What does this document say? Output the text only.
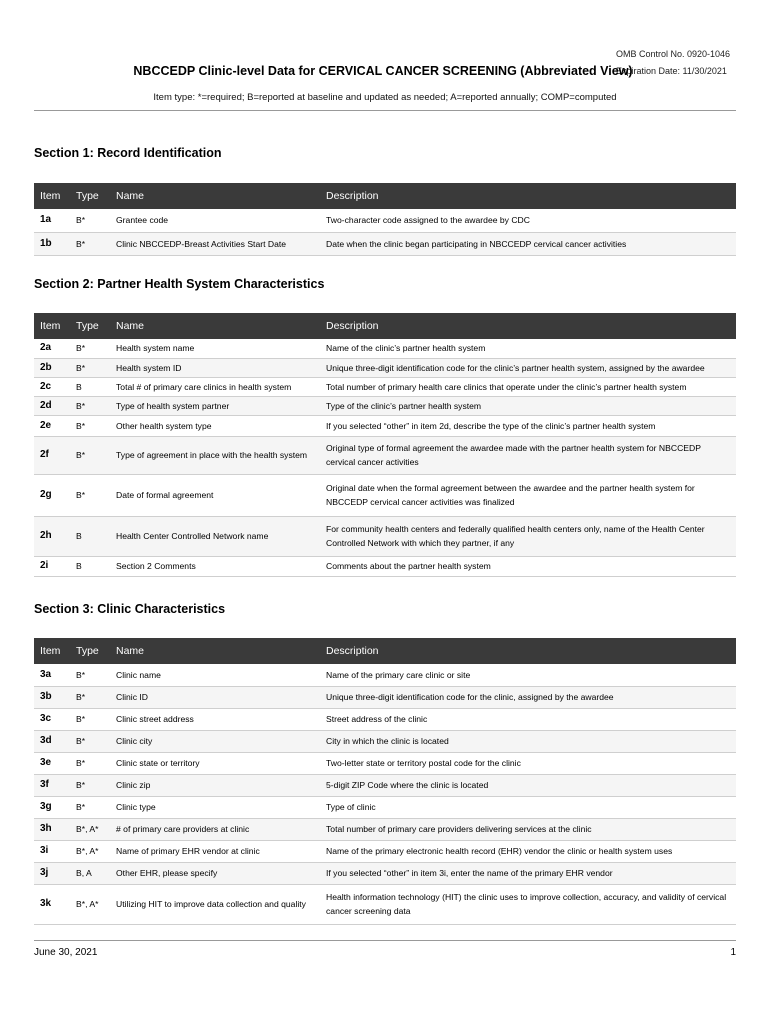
OMB Control No. 0920-1046
Expiration Date: 11/30/2021
NBCCEDP Clinic-level Data for CERVICAL CANCER SCREENING (Abbreviated View)
Item type: *=required; B=reported at baseline and updated as needed; A=reported annually; COMP=computed
Section 1: Record Identification
Item	Type	Name	Description
1a	B*	Grantee code	Two-character code assigned to the awardee by CDC
1b	B*	Clinic NBCCEDP-Breast Activities Start Date	Date when the clinic began participating in NBCCEDP cervical cancer activities
Section 2: Partner Health System Characteristics
Item	Type	Name	Description
2a	B*	Health system name	Name of the clinic’s partner health system
2b	B*	Health system ID	Unique three-digit identification code for the clinic’s partner health system, assigned by the awardee
2c	B	Total # of primary care clinics in health system	Total number of primary health care clinics that operate under the clinic’s partner health system
2d	B*	Type of health system partner	Type of the clinic’s partner health system
2e	B*	Other health system type	If you selected “other” in item 2d, describe the type of the clinic’s partner health system
2f	B*	Type of agreement in place with the health system	Original type of formal agreement the awardee made with the partner health system for NBCCEDP cervical cancer activities
2g	B*	Date of formal agreement	Original date when the formal agreement between the awardee and the partner health system for NBCCEDP cervical cancer activities was finalized
2h	B	Health Center Controlled Network name	For community health centers and federally qualified health centers only, name of the Health Center Controlled Network with which they partner, if any
2i	B	Section 2 Comments	Comments about the partner health system
Section 3: Clinic Characteristics
Item	Type	Name	Description
3a	B*	Clinic name	Name of the primary care clinic or site
3b	B*	Clinic ID	Unique three-digit identification code for the clinic, assigned by the awardee
3c	B*	Clinic street address	Street address of the clinic
3d	B*	Clinic city	City in which the clinic is located
3e	B*	Clinic state or territory	Two-letter state or territory postal code for the clinic
3f	B*	Clinic zip	5-digit ZIP Code where the clinic is located
3g	B*	Clinic type	Type of clinic
3h	B*, A*	# of primary care providers at clinic	Total number of primary care providers delivering services at the clinic
3i	B*, A*	Name of primary EHR vendor at clinic	Name of the primary electronic health record (EHR) vendor the clinic or health system uses
3j	B, A	Other EHR, please specify	If you selected “other” in item 3i, enter the name of the primary EHR vendor
3k	B*, A*	Utilizing HIT to improve data collection and quality	Health information technology (HIT) the clinic uses to improve collection, accuracy, and validity of cervical cancer screening data
June 30, 2021	1
